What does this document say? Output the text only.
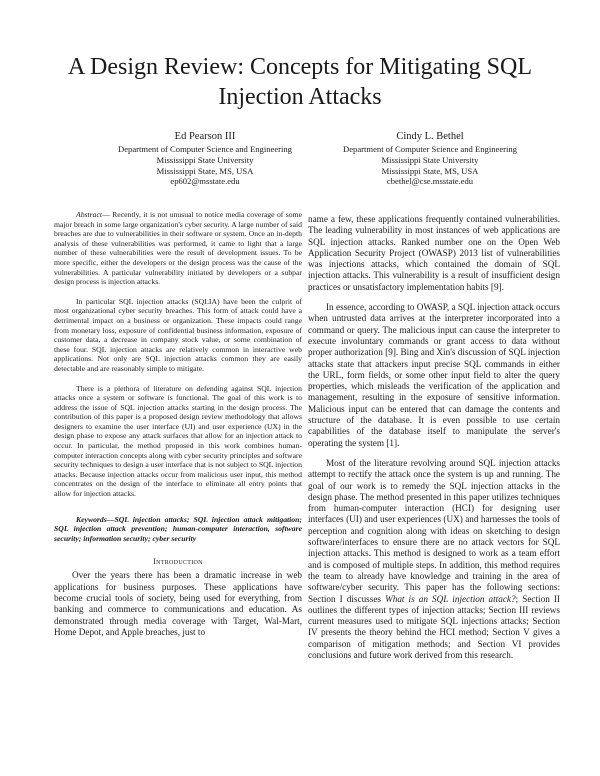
A Design Review: Concepts for Mitigating SQL
Injection Attacks
Ed Pearson III
Department of Computer Science and Engineering
Mississippi State University
Mississippi State, MS, USA
ep602@msstate.edu
Cindy L. Bethel
Department of Computer Science and Engineering
Mississippi State University
Mississippi State, MS, USA
cbethel@cse.msstate.edu

Abstract— Recently, it is not unusual to notice media coverage of some major breach in some large organization's cyber security. A large number of said breaches are due to vulnerabilities in their software or system. Once an in-depth analysis of these vulnerabilities was performed, it came to light that a large number of these vulnerabilities were the result of development issues. To be more specific, either the developers or the design process was the cause of the vulnerabilities. A particular vulnerability initiated by developers or a subpar design process is injection attacks.

In particular SQL injection attacks (SQLIA) have been the culprit of most organizational cyber security breaches. This form of attack could have a detrimental impact on a business or organization. These impacts could range from monetary loss, exposure of confidential business information, exposure of customer data, a decrease in company stock value, or some combination of these four. SQL injection attacks are relatively common in interactive web applications. Not only are SQL injection attacks common they are easily detectable and are reasonably simple to mitigate.

There is a plethora of literature on defending against SQL injection attacks once a system or software is functional. The goal of this work is to address the issue of SQL injection attacks starting in the design process. The contribution of this paper is a proposed design review methodology that allows designers to examine the user interface (UI) and user experience (UX) in the design phase to expose any attack surfaces that allow for an injection attack to occur. In particular, the method proposed in this work combines human-computer interaction concepts along with cyber security principles and software security techniques to design a user interface that is not subject to SQL injection attacks. Because injection attacks occur from malicious user input, this method concentrates on the design of the interface to eliminate all entry points that allow for injection attacks.

Keywords—SQL injection attacks; SQL injection attack mitigation; SQL injection attack prevention; human-computer interaction, software security; information security; cyber security

Introduction

Over the years there has been a dramatic increase in web applications for business purposes. These applications have become crucial tools of society, being used for everything, from banking and commerce to communications and education. As demonstrated through media coverage with Target, Wal-Mart, Home Depot, and Apple breaches, just to

name a few, these applications frequently contained vulnerabilities. The leading vulnerability in most instances of web applications are SQL injection attacks. Ranked number one on the Open Web Application Security Project (OWASP) 2013 list of vulnerabilities was injections attacks, which contained the domain of SQL injection attacks. This vulnerability is a result of insufficient design practices or unsatisfactory implementation habits [9].

In essence, according to OWASP, a SQL injection attack occurs when untrusted data arrives at the interpreter incorporated into a command or query. The malicious input can cause the interpreter to execute involuntary commands or grant access to data without proper authorization [9]. Bing and Xin's discussion of SQL injection attacks state that attackers input precise SQL commands in either the URL, form fields, or some other input field to alter the query properties, which misleads the verification of the application and management, resulting in the exposure of sensitive information. Malicious input can be entered that can damage the contents and structure of the database. It is even possible to use certain capabilities of the database itself to manipulate the server's operating the system [1].

Most of the literature revolving around SQL injection attacks attempt to rectify the attack once the system is up and running. The goal of our work is to remedy the SQL injection attacks in the design phase. The method presented in this paper utilizes techniques from human-computer interaction (HCI) for designing user interfaces (UI) and user experiences (UX) and harnesses the tools of perception and cognition along with ideas on sketching to design software/interfaces to ensure there are no attack vectors for SQL injection attacks. This method is designed to work as a team effort and is composed of multiple steps. In addition, this method requires the team to already have knowledge and training in the area of software/cyber security. This paper has the following sections: Section I discusses What is an SQL injection attack?; Section II outlines the different types of injection attacks; Section III reviews current measures used to mitigate SQL injections attacks; Section IV presents the theory behind the HCI method; Section V gives a comparison of mitigation methods; and Section VI provides conclusions and future work derived from this research.
